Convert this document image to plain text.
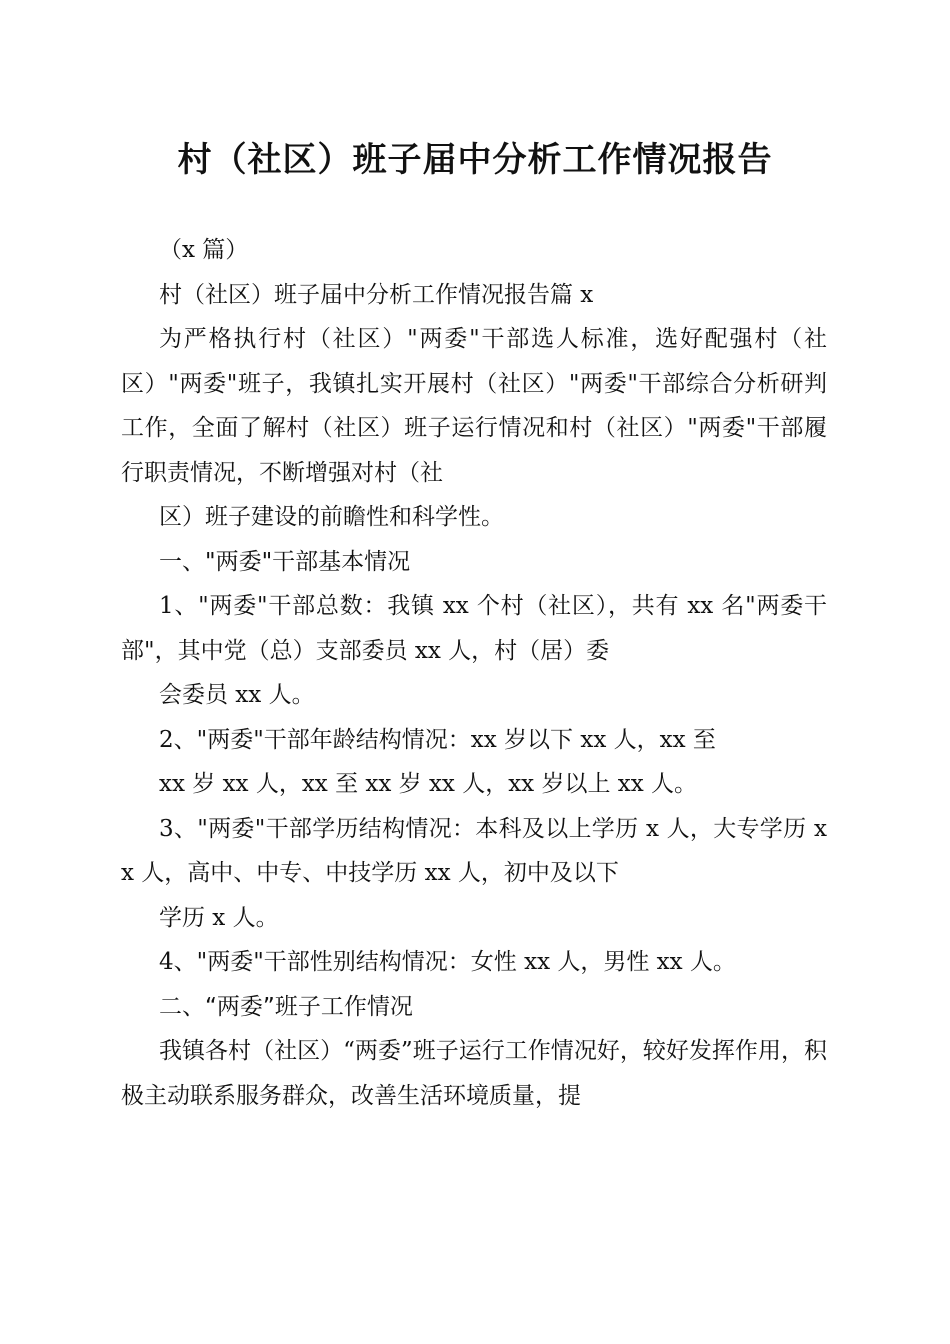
村（社区）班子届中分析工作情况报告

（x 篇）

村（社区）班子届中分析工作情况报告篇 x

为严格执行村（社区）"两委"干部选人标准，选好配强村（社区）"两委"班子，我镇扎实开展村（社区）"两委"干部综合分析研判工作，全面了解村（社区）班子运行情况和村（社区）"两委"干部履行职责情况，不断增强对村（社

区）班子建设的前瞻性和科学性。

一、"两委"干部基本情况

1、"两委"干部总数：我镇 xx 个村（社区），共有 xx 名"两委干部"，其中党（总）支部委员 xx 人，村（居）委

会委员 xx 人。

2、"两委"干部年龄结构情况：xx 岁以下 xx 人，xx 至

xx 岁 xx 人，xx 至 xx 岁 xx 人，xx 岁以上 xx 人。

3、"两委"干部学历结构情况：本科及以上学历 x 人，大专学历 xx 人，高中、中专、中技学历 xx 人，初中及以下

学历 x 人。

4、"两委"干部性别结构情况：女性 xx 人，男性 xx 人。

二、“两委”班子工作情况

我镇各村（社区）“两委”班子运行工作情况好，较好发挥作用，积极主动联系服务群众，改善生活环境质量，提
